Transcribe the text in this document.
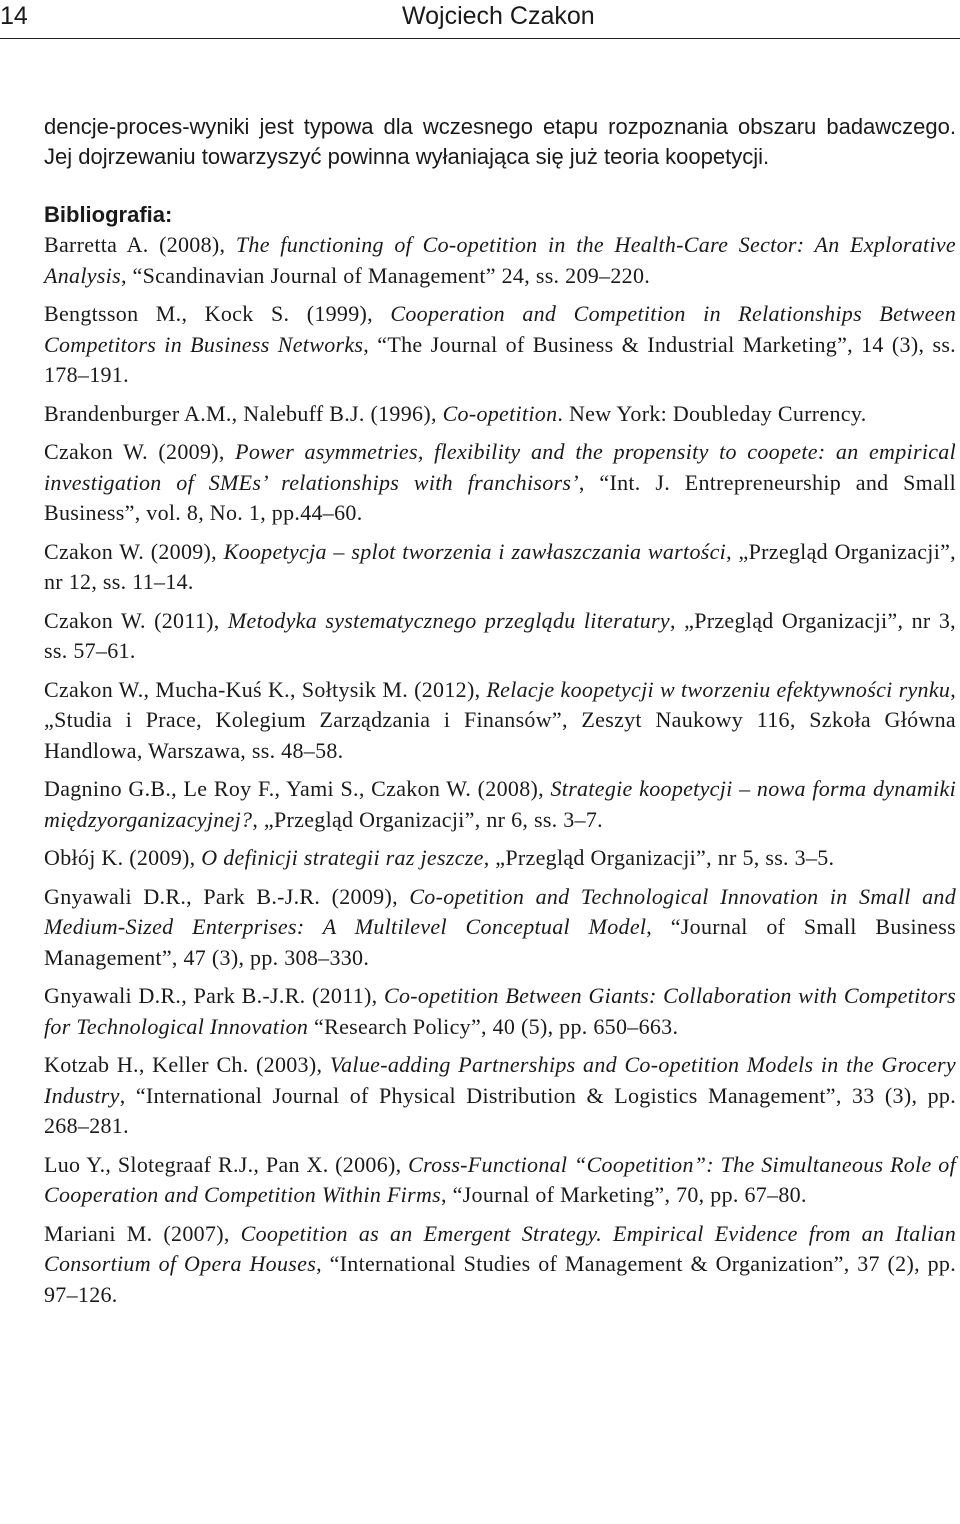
14	Wojciech Czakon

dencje-proces-wyniki jest typowa dla wczesnego etapu rozpoznania obszaru badawczego. Jej dojrzewaniu towarzyszyć powinna wyłaniająca się już teoria koopetycji.

Bibliografia:

Barretta A. (2008), The functioning of Co-opetition in the Health-Care Sector: An Explorative Analysis, “Scandinavian Journal of Management” 24, ss. 209–220.

Bengtsson M., Kock S. (1999), Cooperation and Competition in Relationships Between Competitors in Business Networks, “The Journal of Business & Industrial Marketing”, 14 (3), ss. 178–191.

Brandenburger A.M., Nalebuff B.J. (1996), Co-opetition. New York: Doubleday Currency.

Czakon W. (2009), Power asymmetries, flexibility and the propensity to coopete: an empirical investigation of SMEs’ relationships with franchisors’, “Int. J. Entrepreneurship and Small Business”, vol. 8, No. 1, pp.44–60.

Czakon W. (2009), Koopetycja – splot tworzenia i zawłaszczania wartości, „Przegląd Organizacji”, nr 12, ss. 11–14.

Czakon W. (2011), Metodyka systematycznego przeglądu literatury, „Przegląd Organizacji”, nr 3, ss. 57–61.

Czakon W., Mucha-Kuś K., Sołtysik M. (2012), Relacje koopetycji w tworzeniu efektywności rynku, „Studia i Prace, Kolegium Zarządzania i Finansów”, Zeszyt Naukowy 116, Szkoła Główna Handlowa, Warszawa, ss. 48–58.

Dagnino G.B., Le Roy F., Yami S., Czakon W. (2008), Strategie koopetycji – nowa forma dynamiki międzyorganizacyjnej?, „Przegląd Organizacji”, nr 6, ss. 3–7.

Obłój K. (2009), O definicji strategii raz jeszcze, „Przegląd Organizacji”, nr 5, ss. 3–5.

Gnyawali D.R., Park B.-J.R. (2009), Co-opetition and Technological Innovation in Small and Medium-Sized Enterprises: A Multilevel Conceptual Model, “Journal of Small Business Management”, 47 (3), pp. 308–330.

Gnyawali D.R., Park B.-J.R. (2011), Co-opetition Between Giants: Collaboration with Competitors for Technological Innovation “Research Policy”, 40 (5), pp. 650–663.

Kotzab H., Keller Ch. (2003), Value-adding Partnerships and Co-opetition Models in the Grocery Industry, “International Journal of Physical Distribution & Logistics Management”, 33 (3), pp. 268–281.

Luo Y., Slotegraaf R.J., Pan X. (2006), Cross-Functional “Coopetition”: The Simultaneous Role of Cooperation and Competition Within Firms, “Journal of Marketing”, 70, pp. 67–80.

Mariani M. (2007), Coopetition as an Emergent Strategy. Empirical Evidence from an Italian Consortium of Opera Houses, “International Studies of Management & Organization”, 37 (2), pp. 97–126.
